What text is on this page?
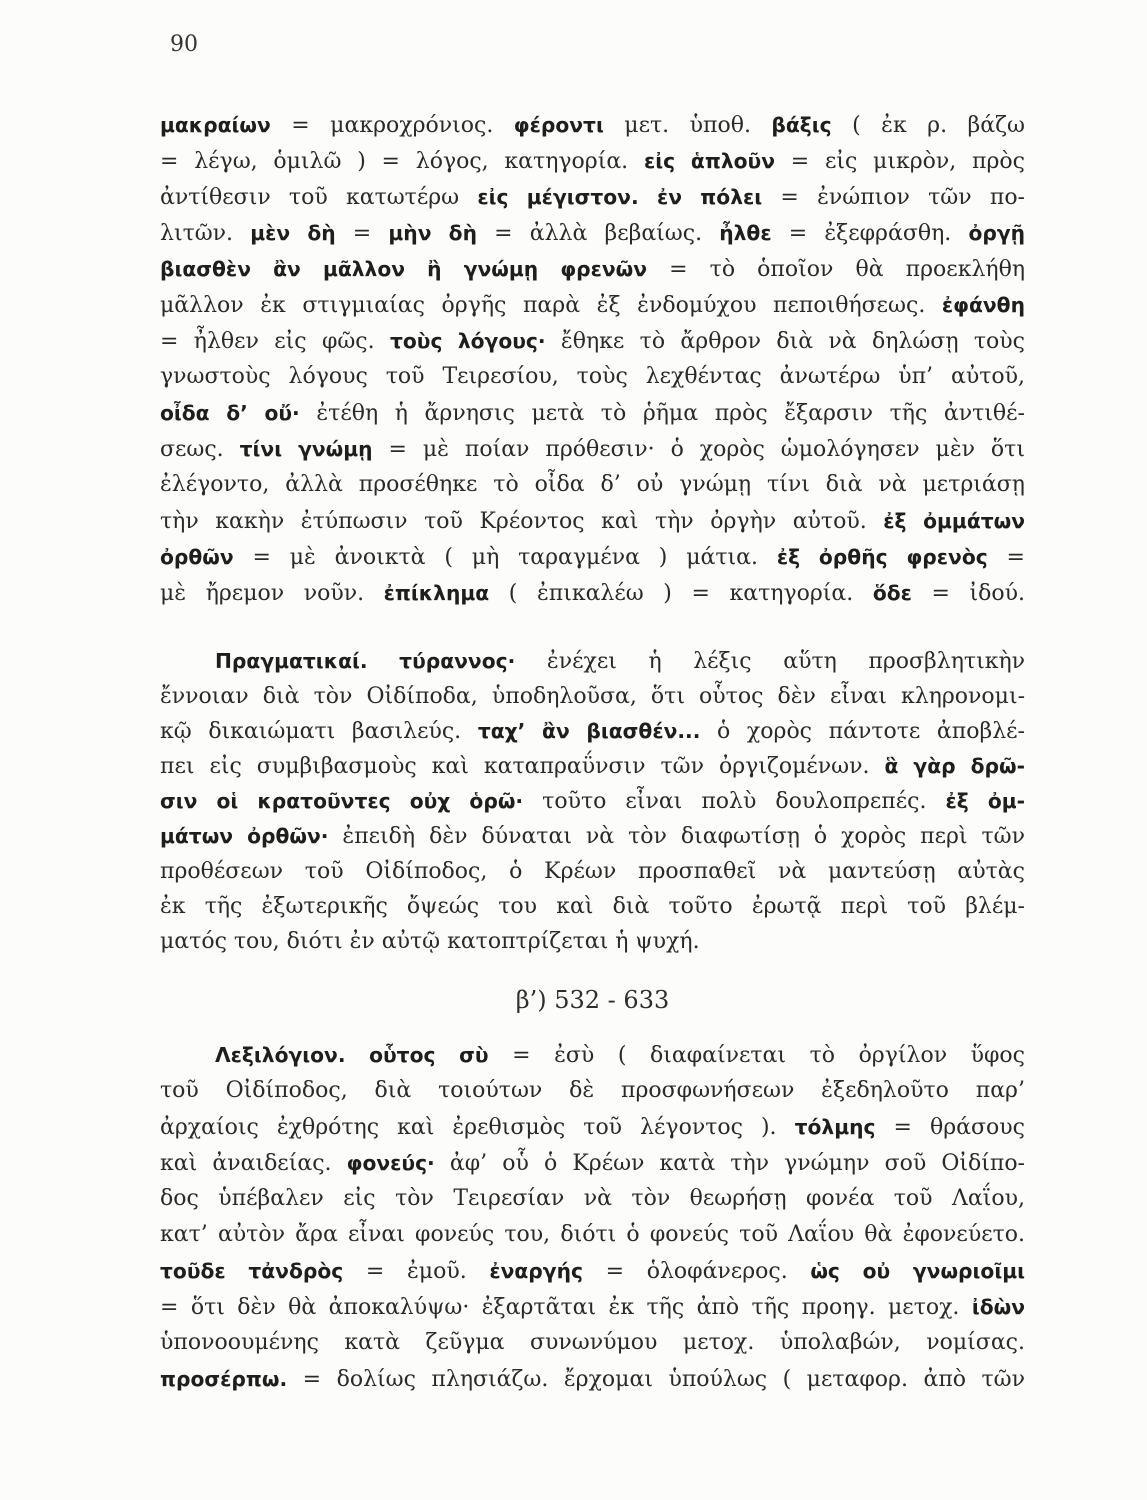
90
μακραίων = μακροχρόνιος. φέροντι μετ. ὑποθ. βάξις ( ἐκ ρ. βάζω
= λέγω, ὁμιλῶ ) = λόγος, κατηγορία. εἰς ἁπλοῦν = εἰς μικρὸν, πρὸς
ἀντίθεσιν τοῦ κατωτέρω εἰς μέγιστον. ἐν πόλει = ἐνώπιον τῶν πο-
λιτῶν. μὲν δὴ = μὴν δὴ = ἀλλὰ βεβαίως. ἦλθε = ἐξεφράσθη. ὀργῇ
βιασθὲν ἂν μᾶλλον ἢ γνώμῃ φρενῶν = τὸ ὁποῖον θὰ προεκλήθη
μᾶλλον ἐκ στιγμιαίας ὀργῆς παρὰ ἐξ ἐνδομύχου πεποιθήσεως. ἐφάνθη
= ἦλθεν εἰς φῶς. τοὺς λόγους· ἔθηκε τὸ ἄρθρον διὰ νὰ δηλώσῃ τοὺς
γνωστοὺς λόγους τοῦ Τειρεσίου, τοὺς λεχθέντας ἀνωτέρω ὑπ’ αὐτοῦ,
οἶδα δ’ οὔ· ἐτέθη ἡ ἄρνησις μετὰ τὸ ῥῆμα πρὸς ἔξαρσιν τῆς ἀντιθέ-
σεως. τίνι γνώμῃ = μὲ ποίαν πρόθεσιν· ὁ χορὸς ὡμολόγησεν μὲν ὅτι
ἐλέγοντο, ἀλλὰ προσέθηκε τὸ οἶδα δ’ οὐ γνώμῃ τίνι διὰ νὰ μετριάσῃ
τὴν κακὴν ἐτύπωσιν τοῦ Κρέοντος καὶ τὴν ὀργὴν αὐτοῦ. ἐξ ὀμμάτων
ὀρθῶν = μὲ ἀνοικτὰ ( μὴ ταραγμένα ) μάτια. ἐξ ὀρθῆς φρενὸς =
μὲ ἤρεμον νοῦν. ἐπίκλημα ( ἐπικαλέω ) = κατηγορία. ὅδε = ἰδού.
Πραγματικαί. τύραννος· ἐνέχει ἡ λέξις αὕτη προσβλητικὴν
ἔννοιαν διὰ τὸν Οἰδίποδα, ὑποδηλοῦσα, ὅτι οὗτος δὲν εἶναι κληρονομι-
κῷ δικαιώματι βασιλεύς. ταχ’ ἂν βιασθέν... ὁ χορὸς πάντοτε ἀποβλέ-
πει εἰς συμβιβασμοὺς καὶ καταπραΰνσιν τῶν ὀργιζομένων. ἃ γὰρ δρῶ-
σιν οἱ κρατοῦντες οὐχ ὁρῶ· τοῦτο εἶναι πολὺ δουλοπρεπές. ἐξ ὀμ-
μάτων ὀρθῶν· ἐπειδὴ δὲν δύναται νὰ τὸν διαφωτίσῃ ὁ χορὸς περὶ τῶν
προθέσεων τοῦ Οἰδίποδος, ὁ Κρέων προσπαθεῖ νὰ μαντεύσῃ αὐτὰς
ἐκ τῆς ἐξωτερικῆς ὄψεώς του καὶ διὰ τοῦτο ἐρωτᾷ περὶ τοῦ βλέμ-
ματός του, διότι ἐν αὐτῷ κατοπτρίζεται ἡ ψυχή.
β’) 532 - 633
Λεξιλόγιον. οὗτος σὺ = ἐσὺ ( διαφαίνεται τὸ ὀργίλον ὕφος
τοῦ Οἰδίποδος, διὰ τοιούτων δὲ προσφωνήσεων ἐξεδηλοῦτο παρ’
ἀρχαίοις ἐχθρότης καὶ ἐρεθισμὸς τοῦ λέγοντος ). τόλμης = θράσους
καὶ ἀναιδείας. φονεύς· ἀφ’ οὗ ὁ Κρέων κατὰ τὴν γνώμην σοῦ Οἰδίπο-
δος ὑπέβαλεν εἰς τὸν Τειρεσίαν νὰ τὸν θεωρήσῃ φονέα τοῦ Λαΐου,
κατ’ αὐτὸν ἄρα εἶναι φονεύς του, διότι ὁ φονεύς τοῦ Λαΐου θὰ ἐφονεύετο.
τοῦδε τἀνδρὸς = ἐμοῦ. ἐναργής = ὁλοφάνερος. ὡς οὐ γνωριοῖμι
= ὅτι δὲν θὰ ἀποκαλύψω· ἐξαρτᾶται ἐκ τῆς ἀπὸ τῆς προηγ. μετοχ. ἰδὼν
ὑπονοουμένης κατὰ ζεῦγμα συνωνύμου μετοχ. ὑπολαβών, νομίσας.
προσέρπω. = δολίως πλησιάζω. ἔρχομαι ὑπούλως ( μεταφορ. ἀπὸ τῶν
